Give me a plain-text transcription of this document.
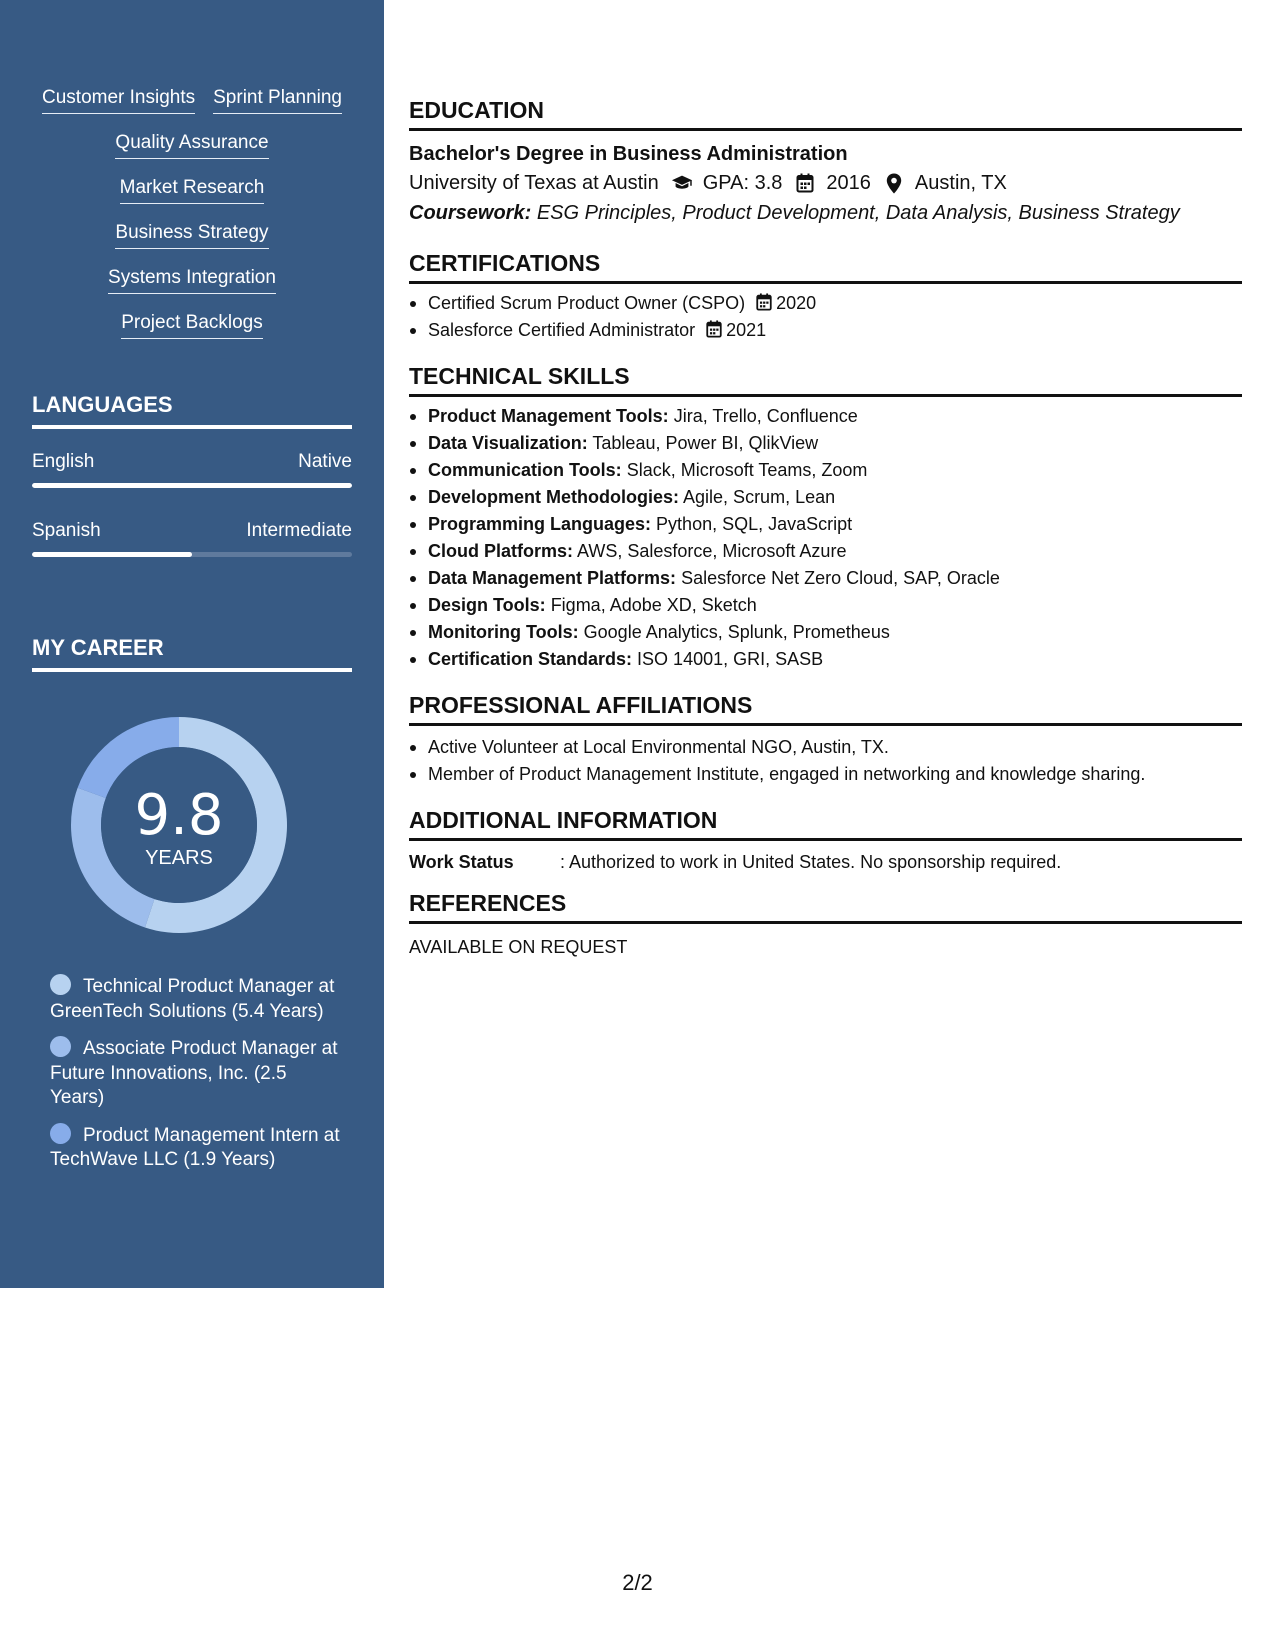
Customer Insights Sprint Planning
Quality Assurance
Market Research
Business Strategy
Systems Integration
Project Backlogs
LANGUAGES
English	Native
Spanish	Intermediate
MY CAREER
9.8
YEARS
Technical Product Manager at GreenTech Solutions (5.4 Years)
Associate Product Manager at Future Innovations, Inc. (2.5 Years)
Product Management Intern at TechWave LLC (1.9 Years)
EDUCATION
Bachelor's Degree in Business Administration
University of Texas at Austin GPA: 3.8 2016 Austin, TX
Coursework: ESG Principles, Product Development, Data Analysis, Business Strategy
CERTIFICATIONS
Certified Scrum Product Owner (CSPO) 2020
Salesforce Certified Administrator 2021
TECHNICAL SKILLS
Product Management Tools: Jira, Trello, Confluence
Data Visualization: Tableau, Power BI, QlikView
Communication Tools: Slack, Microsoft Teams, Zoom
Development Methodologies: Agile, Scrum, Lean
Programming Languages: Python, SQL, JavaScript
Cloud Platforms: AWS, Salesforce, Microsoft Azure
Data Management Platforms: Salesforce Net Zero Cloud, SAP, Oracle
Design Tools: Figma, Adobe XD, Sketch
Monitoring Tools: Google Analytics, Splunk, Prometheus
Certification Standards: ISO 14001, GRI, SASB
PROFESSIONAL AFFILIATIONS
Active Volunteer at Local Environmental NGO, Austin, TX.
Member of Product Management Institute, engaged in networking and knowledge sharing.
ADDITIONAL INFORMATION
Work Status	: Authorized to work in United States. No sponsorship required.
REFERENCES
AVAILABLE ON REQUEST
2/2
